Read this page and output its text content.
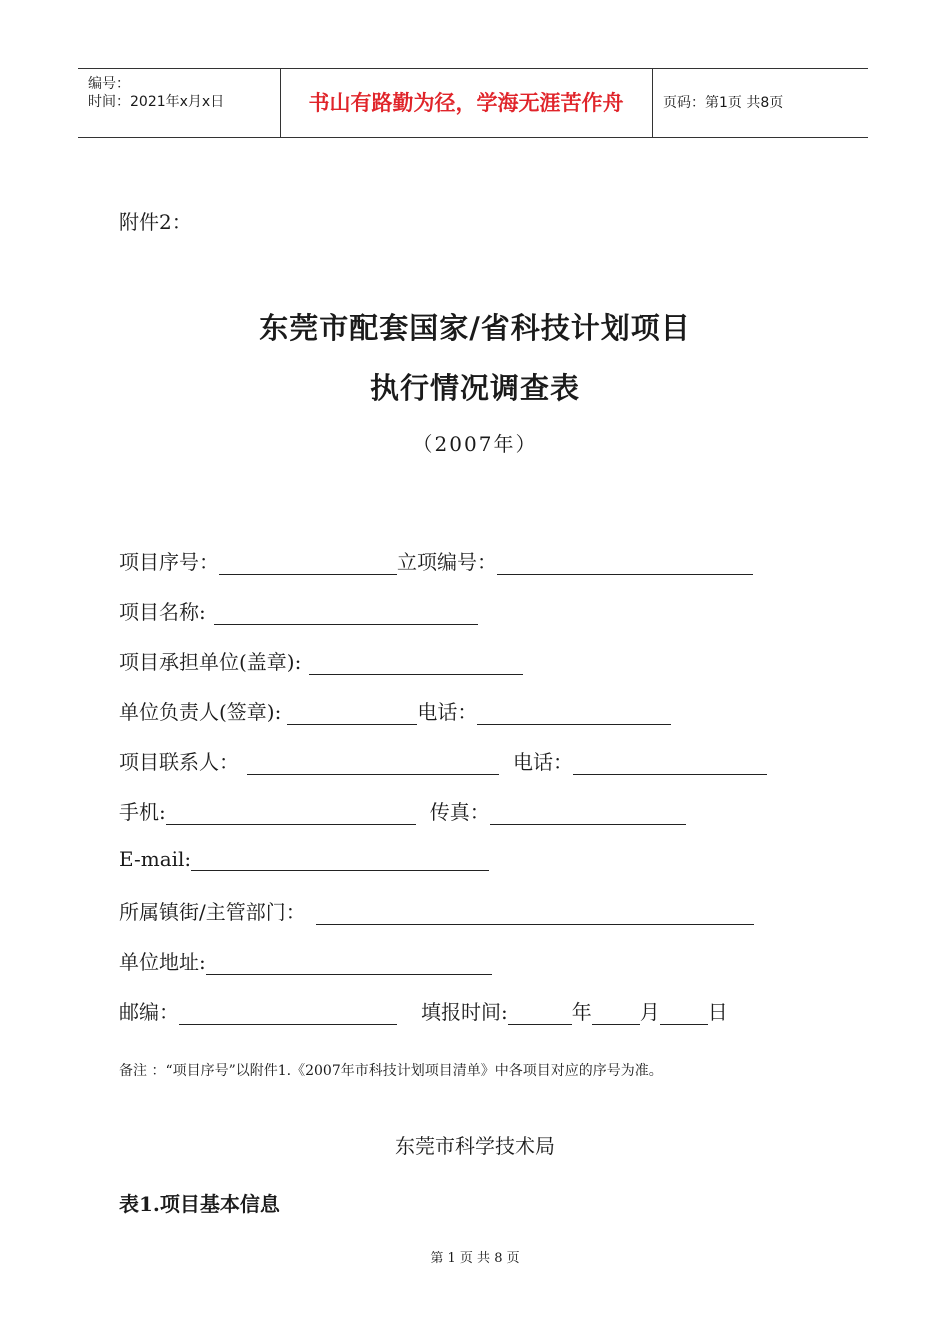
编号：
时间：2021年x月x日	书山有路勤为径，学海无涯苦作舟	页码：第1页 共8页
附件2：
东莞市配套国家/省科技计划项目
执行情况调查表
（2007年）
项目序号：	立项编号：
项目名称:
项目承担单位(盖章):
单位负责人(签章):	电话：
项目联系人：	电话：
手机:	传真：
E-mail:
所属镇街/主管部门：
单位地址:
邮编：	填报时间:	年 月 日
备注 ：“项目序号”以附件1.《2007年市科技计划项目清单》中各项目对应的序号为准。
东莞市科学技术局
表1.项目基本信息
第 1 页 共 8 页
